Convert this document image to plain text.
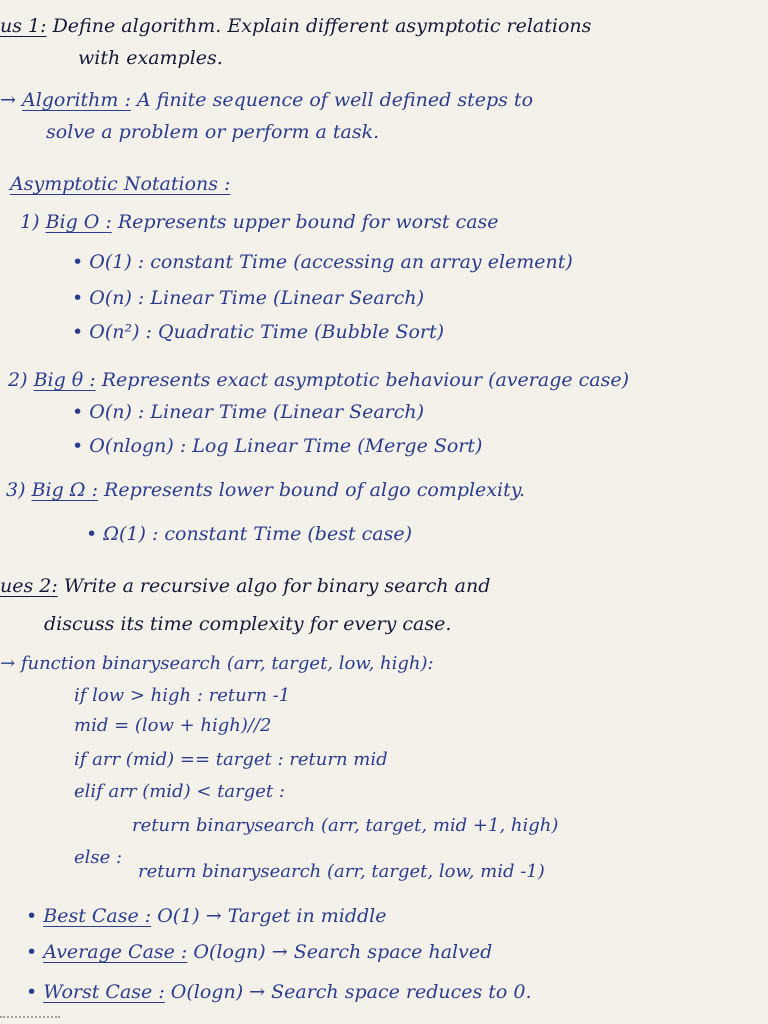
us 1: Define algorithm. Explain different asymptotic relations
with examples.
→ Algorithm : A finite sequence of well defined steps to
solve a problem or perform a task.
Asymptotic Notations :
1) Big O : Represents upper bound for worst case
• O(1) : constant Time (accessing an array element)
• O(n) : Linear Time (Linear Search)
• O(n²) : Quadratic Time (Bubble Sort)
2) Big θ : Represents exact asymptotic behaviour (average case)
• O(n) : Linear Time (Linear Search)
• O(nlogn) : Log Linear Time (Merge Sort)
3) Big Ω : Represents lower bound of algo complexity.
• Ω(1) : constant Time (best case)
ues 2: Write a recursive algo for binary search and
discuss its time complexity for every case.
→ function binarysearch (arr, target, low, high):
if low > high : return -1
mid = (low + high)//2
if arr (mid) == target : return mid
elif arr (mid) < target :
return binarysearch (arr, target, mid +1, high)
else :
return binarysearch (arr, target, low, mid -1)
• Best Case : O(1) → Target in middle
• Average Case : O(logn) → Search space halved
• Worst Case : O(logn) → Search space reduces to 0.
